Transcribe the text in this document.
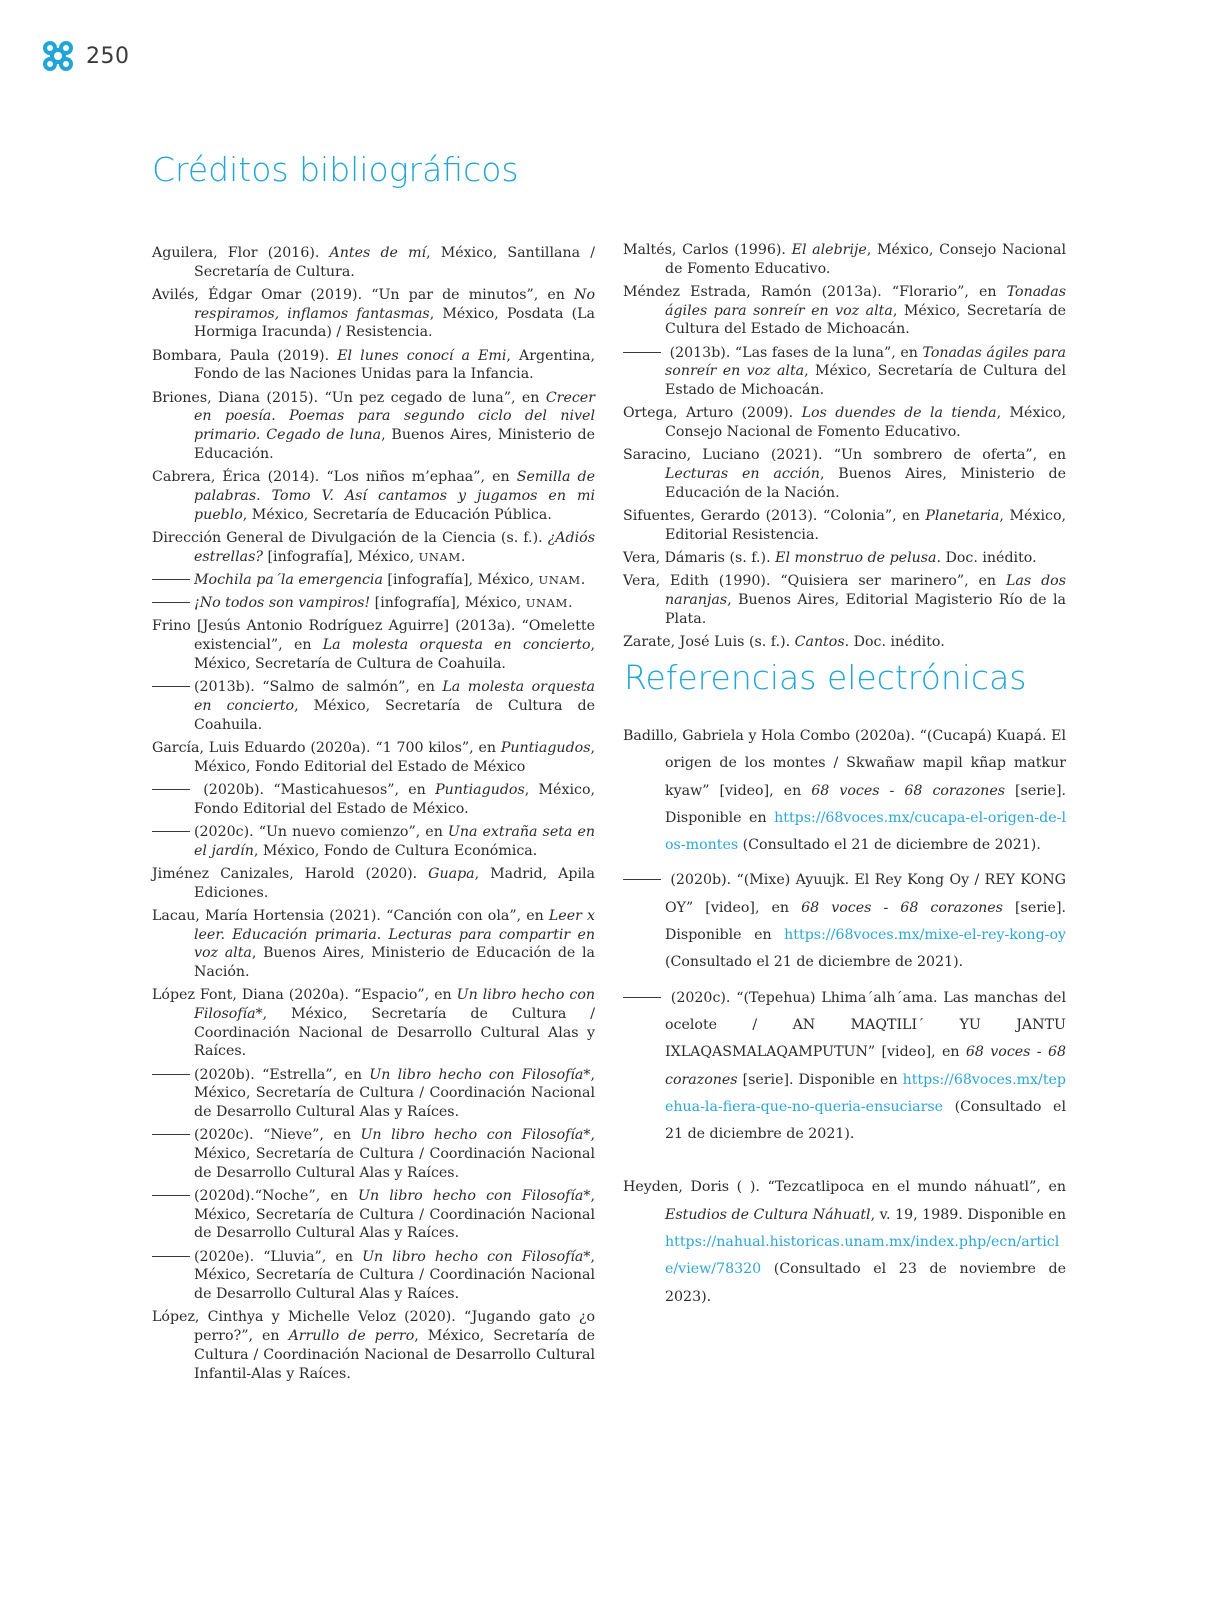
250
Créditos bibliográficos

Aguilera, Flor (2016). Antes de mí, México, Santillana / Secretaría de Cultura.

Avilés, Édgar Omar (2019). “Un par de minutos”, en No respiramos, inflamos fantasmas, México, Posdata (La Hormiga Iracunda) / Resistencia.

Bombara, Paula (2019). El lunes conocí a Emi, Argentina, Fondo de las Naciones Unidas para la Infancia.

Briones, Diana (2015). “Un pez cegado de luna”, en Crecer en poesía. Poemas para segundo ciclo del nivel primario. Cegado de luna, Buenos Aires, Ministerio de Educación.

Cabrera, Érica (2014). “Los niños m’ephaa”, en Semilla de palabras. Tomo V. Así cantamos y jugamos en mi pueblo, México, Secretaría de Educación Pública.

Dirección General de Divulgación de la Ciencia (s. f.). ¿Adiós estrellas? [infografía], México, UNAM.

Mochila pa´la emergencia [infografía], México, UNAM.

¡No todos son vampiros! [infografía], México, UNAM.

Frino [Jesús Antonio Rodríguez Aguirre] (2013a). “Omelette existencial”, en La molesta orquesta en concierto, México, Secretaría de Cultura de Coahuila.

(2013b). “Salmo de salmón”, en La molesta orquesta en concierto, México, Secretaría de Cultura de Coahuila.

García, Luis Eduardo (2020a). “1 700 kilos”, en Puntiagudos, México, Fondo Editorial del Estado de México

(2020b). “Masticahuesos”, en Puntiagudos, México, Fondo Editorial del Estado de México.

(2020c). “Un nuevo comienzo”, en Una extraña seta en el jardín, México, Fondo de Cultura Económica.

Jiménez Canizales, Harold (2020). Guapa, Madrid, Apila Ediciones.

Lacau, María Hortensia (2021). “Canción con ola”, en Leer x leer. Educación primaria. Lecturas para compartir en voz alta, Buenos Aires, Ministerio de Educación de la Nación.

López Font, Diana (2020a). “Espacio”, en Un libro hecho con Filosofía*, México, Secretaría de Cultura / Coordinación Nacional de Desarrollo Cultural Alas y Raíces.

(2020b). “Estrella”, en Un libro hecho con Filosofía*, México, Secretaría de Cultura / Coordinación Nacional de Desarrollo Cultural Alas y Raíces.

(2020c). “Nieve”, en Un libro hecho con Filosofía*, México, Secretaría de Cultura / Coordinación Nacional de Desarrollo Cultural Alas y Raíces.

(2020d).“Noche”, en Un libro hecho con Filosofía*, México, Secretaría de Cultura / Coordinación Nacional de Desarrollo Cultural Alas y Raíces.

(2020e). “Lluvia”, en Un libro hecho con Filosofía*, México, Secretaría de Cultura / Coordinación Nacional de Desarrollo Cultural Alas y Raíces.

López, Cinthya y Michelle Veloz (2020). “Jugando gato ¿o perro?”, en Arrullo de perro, México, Secretaría de Cultura / Coordinación Nacional de Desarrollo Cultural Infantil-Alas y Raíces.

Maltés, Carlos (1996). El alebrije, México, Consejo Nacional de Fomento Educativo.

Méndez Estrada, Ramón (2013a). “Florario”, en Tonadas ágiles para sonreír en voz alta, México, Secretaría de Cultura del Estado de Michoacán.

(2013b). “Las fases de la luna”, en Tonadas ágiles para sonreír en voz alta, México, Secretaría de Cultura del Estado de Michoacán.

Ortega, Arturo (2009). Los duendes de la tienda, México, Consejo Nacional de Fomento Educativo.

Saracino, Luciano (2021). “Un sombrero de oferta”, en Lecturas en acción, Buenos Aires, Ministerio de Educación de la Nación.

Sifuentes, Gerardo (2013). “Colonia”, en Planetaria, México, Editorial Resistencia.

Vera, Dámaris (s. f.). El monstruo de pelusa. Doc. inédito.

Vera, Edith (1990). “Quisiera ser marinero”, en Las dos naranjas, Buenos Aires, Editorial Magisterio Río de la Plata.

Zarate, José Luis (s. f.). Cantos. Doc. inédito.

Referencias electrónicas

Badillo, Gabriela y Hola Combo (2020a). “(Cucapá) Kuapá. El origen de los montes / Skwañaw mapil kñap matkur kyaw” [video], en 68 voces - 68 corazones [serie]. Disponible en https://68voces.mx/cucapa-el-origen-de-los-montes (Consultado el 21 de diciembre de 2021).

(2020b). “(Mixe) Ayuujk. El Rey Kong Oy / REY KONG OY” [video], en 68 voces - 68 corazones [serie]. Disponible en https://68voces.mx/mixe-el-rey-kong-oy (Consultado el 21 de diciembre de 2021).

(2020c). “(Tepehua) Lhima´alh´ama. Las manchas del ocelote / AN MAQTILI´ YU JANTU IXLAQASMALAQAMPUTUN” [video], en 68 voces - 68 corazones [serie]. Disponible en https://68voces.mx/tepehua-la-fiera-que-no-queria-ensuciarse (Consultado el 21 de diciembre de 2021).

Heyden, Doris ( ). “Tezcatlipoca en el mundo náhuatl”, en Estudios de Cultura Náhuatl, v. 19, 1989. Disponible en https://nahual.historicas.unam.mx/index.php/ecn/article/view/78320 (Consultado el 23 de noviembre de 2023).
